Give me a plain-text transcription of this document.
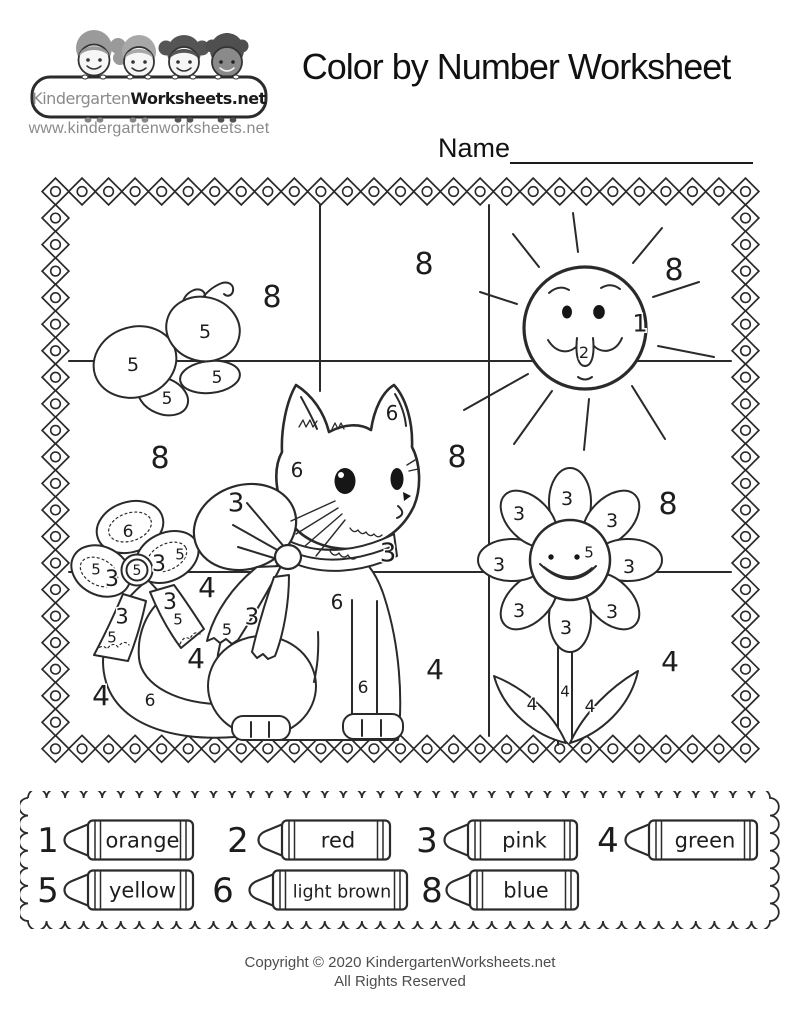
KindergartenWorksheets.net
www.kindergartenworksheets.net
Color by Number Worksheet
Name
8
8	8
8	8
8
4
4
4
4	4
1
2
5
5
5
5
6
6
6
6
6
3
3
3
5
6
5 3 5 3 5
3
5
3
5
3
3	3
3	3
3	3
3
5
4
4	4
1 orange 2	red 3	pink 4	green
5 yellow 6	light brown 8	blue
Copyright © 2020 KindergartenWorksheets.net
All Rights Reserved
